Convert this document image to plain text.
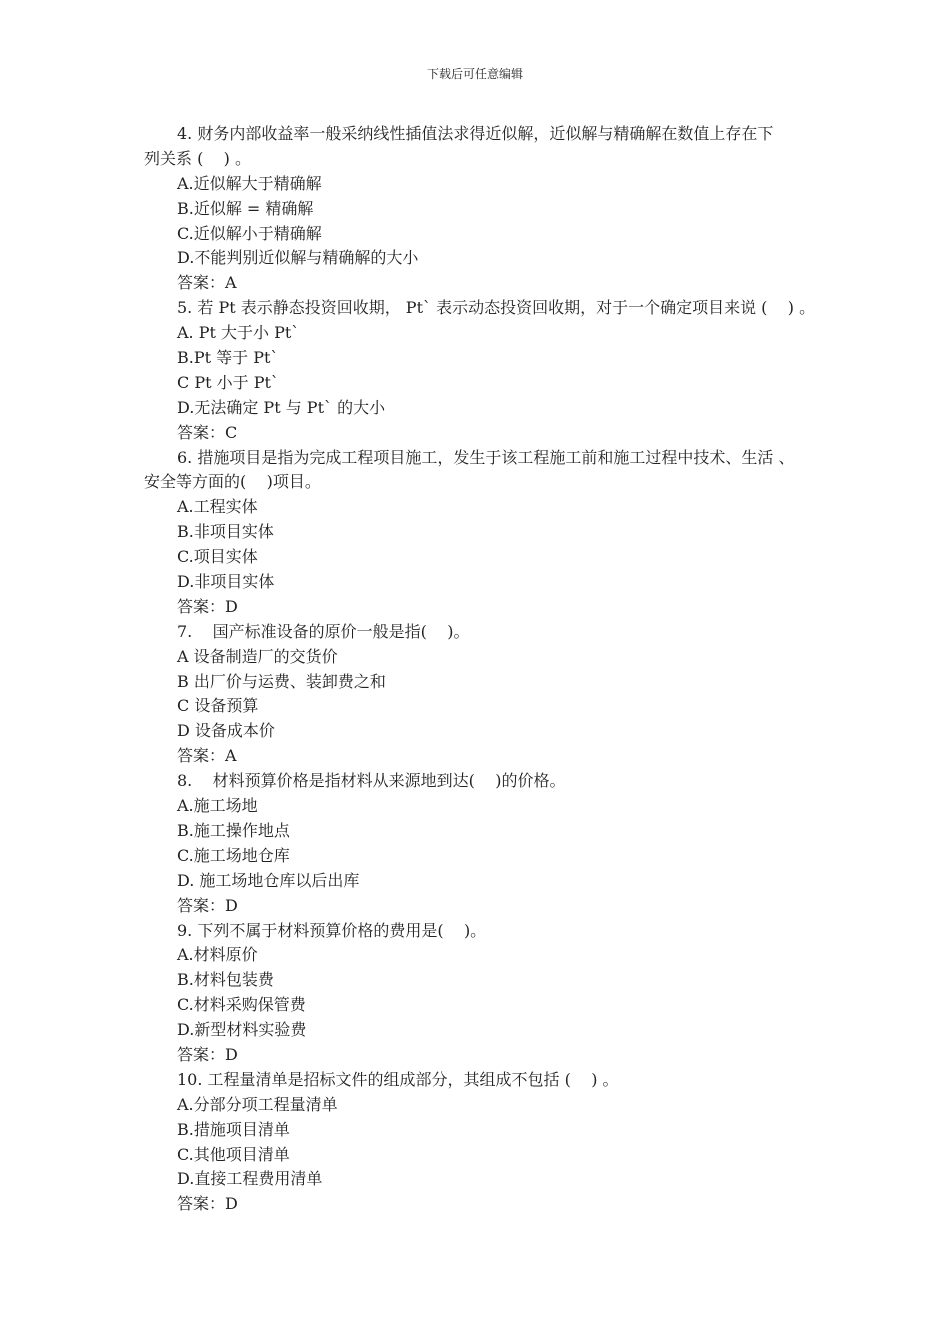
下载后可任意编辑
4. 财务内部收益率一般采纳线性插值法求得近似解，近似解与精确解在数值上存在下
列关系 (    ) 。
A.近似解大于精确解
B.近似解 = 精确解
C.近似解小于精确解
D.不能判别近似解与精确解的大小
答案：A
5. 若 Pt 表示静态投资回收期， Pt` 表示动态投资回收期，对于一个确定项目来说 (    ) 。
A. Pt 大于小 Pt`
B.Pt 等于 Pt`
C Pt 小于 Pt`
D.无法确定 Pt 与 Pt` 的大小
答案：C
6. 措施项目是指为完成工程项目施工，发生于该工程施工前和施工过程中技术、生活 、
安全等方面的(    )项目。
A.工程实体
B.非项目实体
C.项目实体
D.非项目实体
答案：D
7.    国产标准设备的原价一般是指(    )。
A 设备制造厂的交货价
B 出厂价与运费、装卸费之和
C 设备预算
D 设备成本价
答案：A
8.    材料预算价格是指材料从来源地到达(    )的价格。
A.施工场地
B.施工操作地点
C.施工场地仓库
D. 施工场地仓库以后出库
答案：D
9. 下列不属于材料预算价格的费用是(    )。
A.材料原价
B.材料包装费
C.材料采购保管费
D.新型材料实验费
答案：D
10. 工程量清单是招标文件的组成部分，其组成不包括 (    ) 。
A.分部分项工程量清单
B.措施项目清单
C.其他项目清单
D.直接工程费用清单
答案：D
